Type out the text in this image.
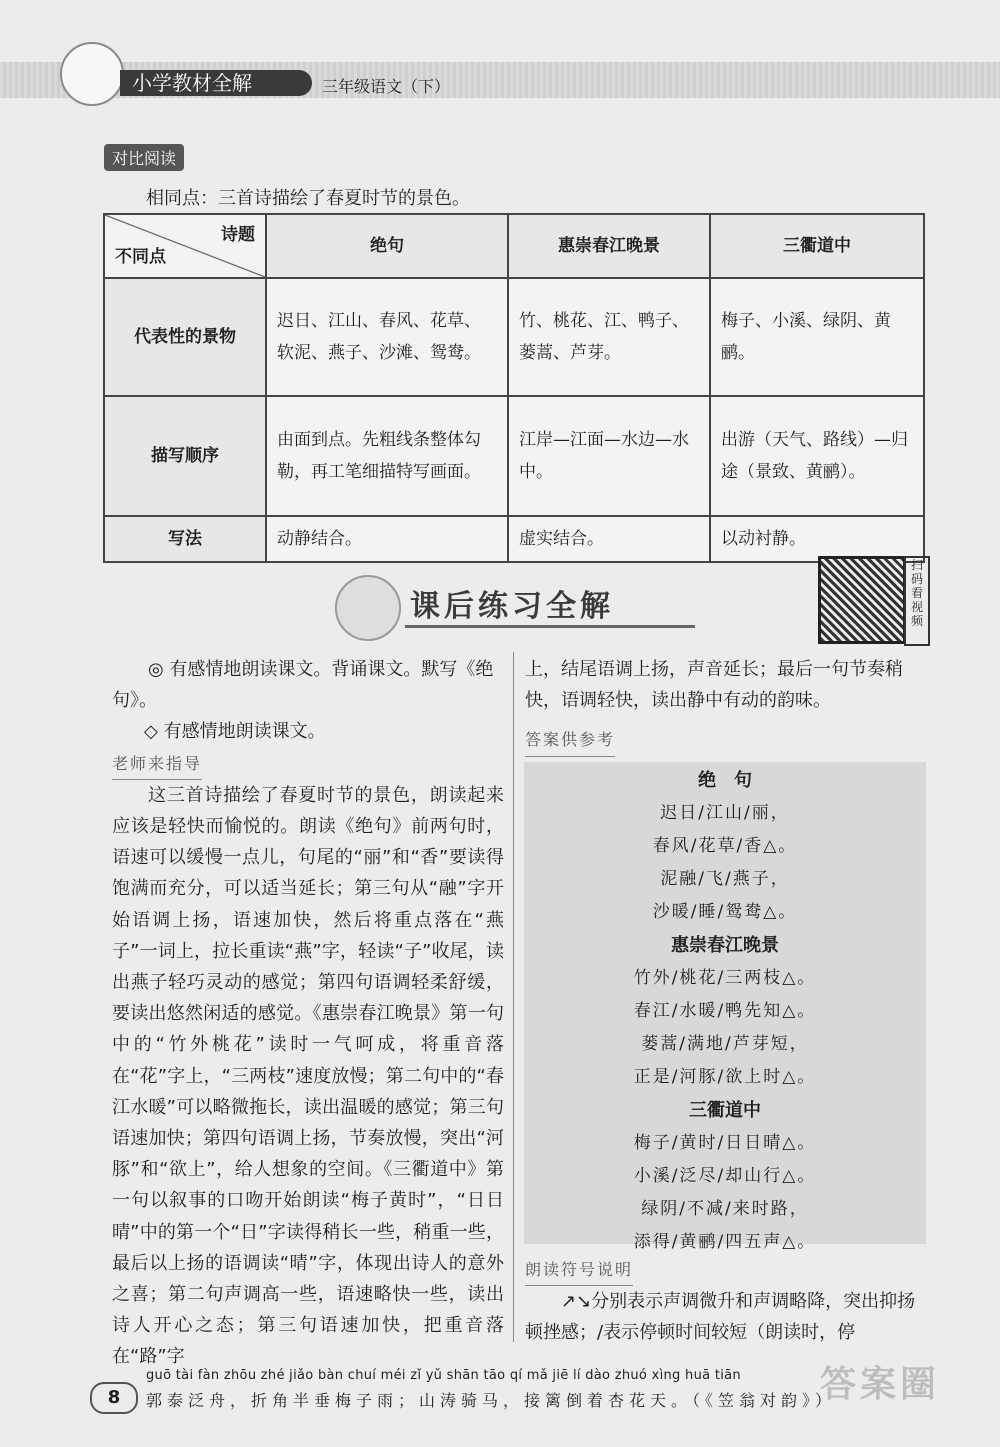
小学教材全解	三年级语文（下）
对比阅读
相同点：三首诗描绘了春夏时节的景色。
诗题
不同点	绝句	惠崇春江晚景	三衢道中
代表性的景物	迟日、江山、春风、花草、软泥、燕子、沙滩、鸳鸯。	竹、桃花、江、鸭子、蒌蒿、芦芽。	梅子、小溪、绿阴、黄鹂。
描写顺序	由面到点。先粗线条整体勾勒，再工笔细描特写画面。	江岸—江面—水边—水中。	出游（天气、路线）—归途（景致、黄鹂）。
写法	动静结合。	虚实结合。	以动衬静。
课后练习全解
扫码看视频
◎ 有感情地朗读课文。背诵课文。默写《绝句》。
◇ 有感情地朗读课文。
老师来指导
这三首诗描绘了春夏时节的景色，朗读起来应该是轻快而愉悦的。朗读《绝句》前两句时，语速可以缓慢一点儿，句尾的“丽”和“香”要读得饱满而充分，可以适当延长；第三句从“融”字开始语调上扬，语速加快，然后将重点落在“燕子”一词上，拉长重读“燕”字，轻读“子”收尾，读出燕子轻巧灵动的感觉；第四句语调轻柔舒缓，要读出悠然闲适的感觉。《惠崇春江晚景》第一句中的“竹外桃花”读时一气呵成，将重音落在“花”字上，“三两枝”速度放慢；第二句中的“春江水暖”可以略微拖长，读出温暖的感觉；第三句语速加快；第四句语调上扬，节奏放慢，突出“河豚”和“欲上”，给人想象的空间。《三衢道中》第一句以叙事的口吻开始朗读“梅子黄时”，“日日晴”中的第一个“日”字读得稍长一些，稍重一些，最后以上扬的语调读“晴”字，体现出诗人的意外之喜；第二句声调高一些，语速略快一些，读出诗人开心之态；第三句语速加快，把重音落在“路”字
上，结尾语调上扬，声音延长；最后一句节奏稍快，语调轻快，读出静中有动的韵味。
答案供参考
绝　句
迟日/江山/丽，
春风/花草/香△。
泥融/飞/燕子，
沙暖/睡/鸳鸯△。
惠崇春江晚景
竹外/桃花/三两枝△。
春江/水暖/鸭先知△。
蒌蒿/满地/芦芽短，
正是/河豚/欲上时△。
三衢道中
梅子/黄时/日日晴△。
小溪/泛尽/却山行△。
绿阴/不减/来时路，
添得/黄鹂/四五声△。
朗读符号说明
↗↘分别表示声调微升和声调略降，突出抑扬顿挫感；/表示停顿时间较短（朗读时，停
8
guō tài fàn zhōu zhé jiǎo bàn chuí méi zǐ yǔ shān tāo qí mǎ jiē lí dào zhuó xìng huā tiān
郭泰泛舟，折角半垂梅子雨；山涛骑马，接篱倒着杏花天。（《笠翁对韵》）
答案圈
